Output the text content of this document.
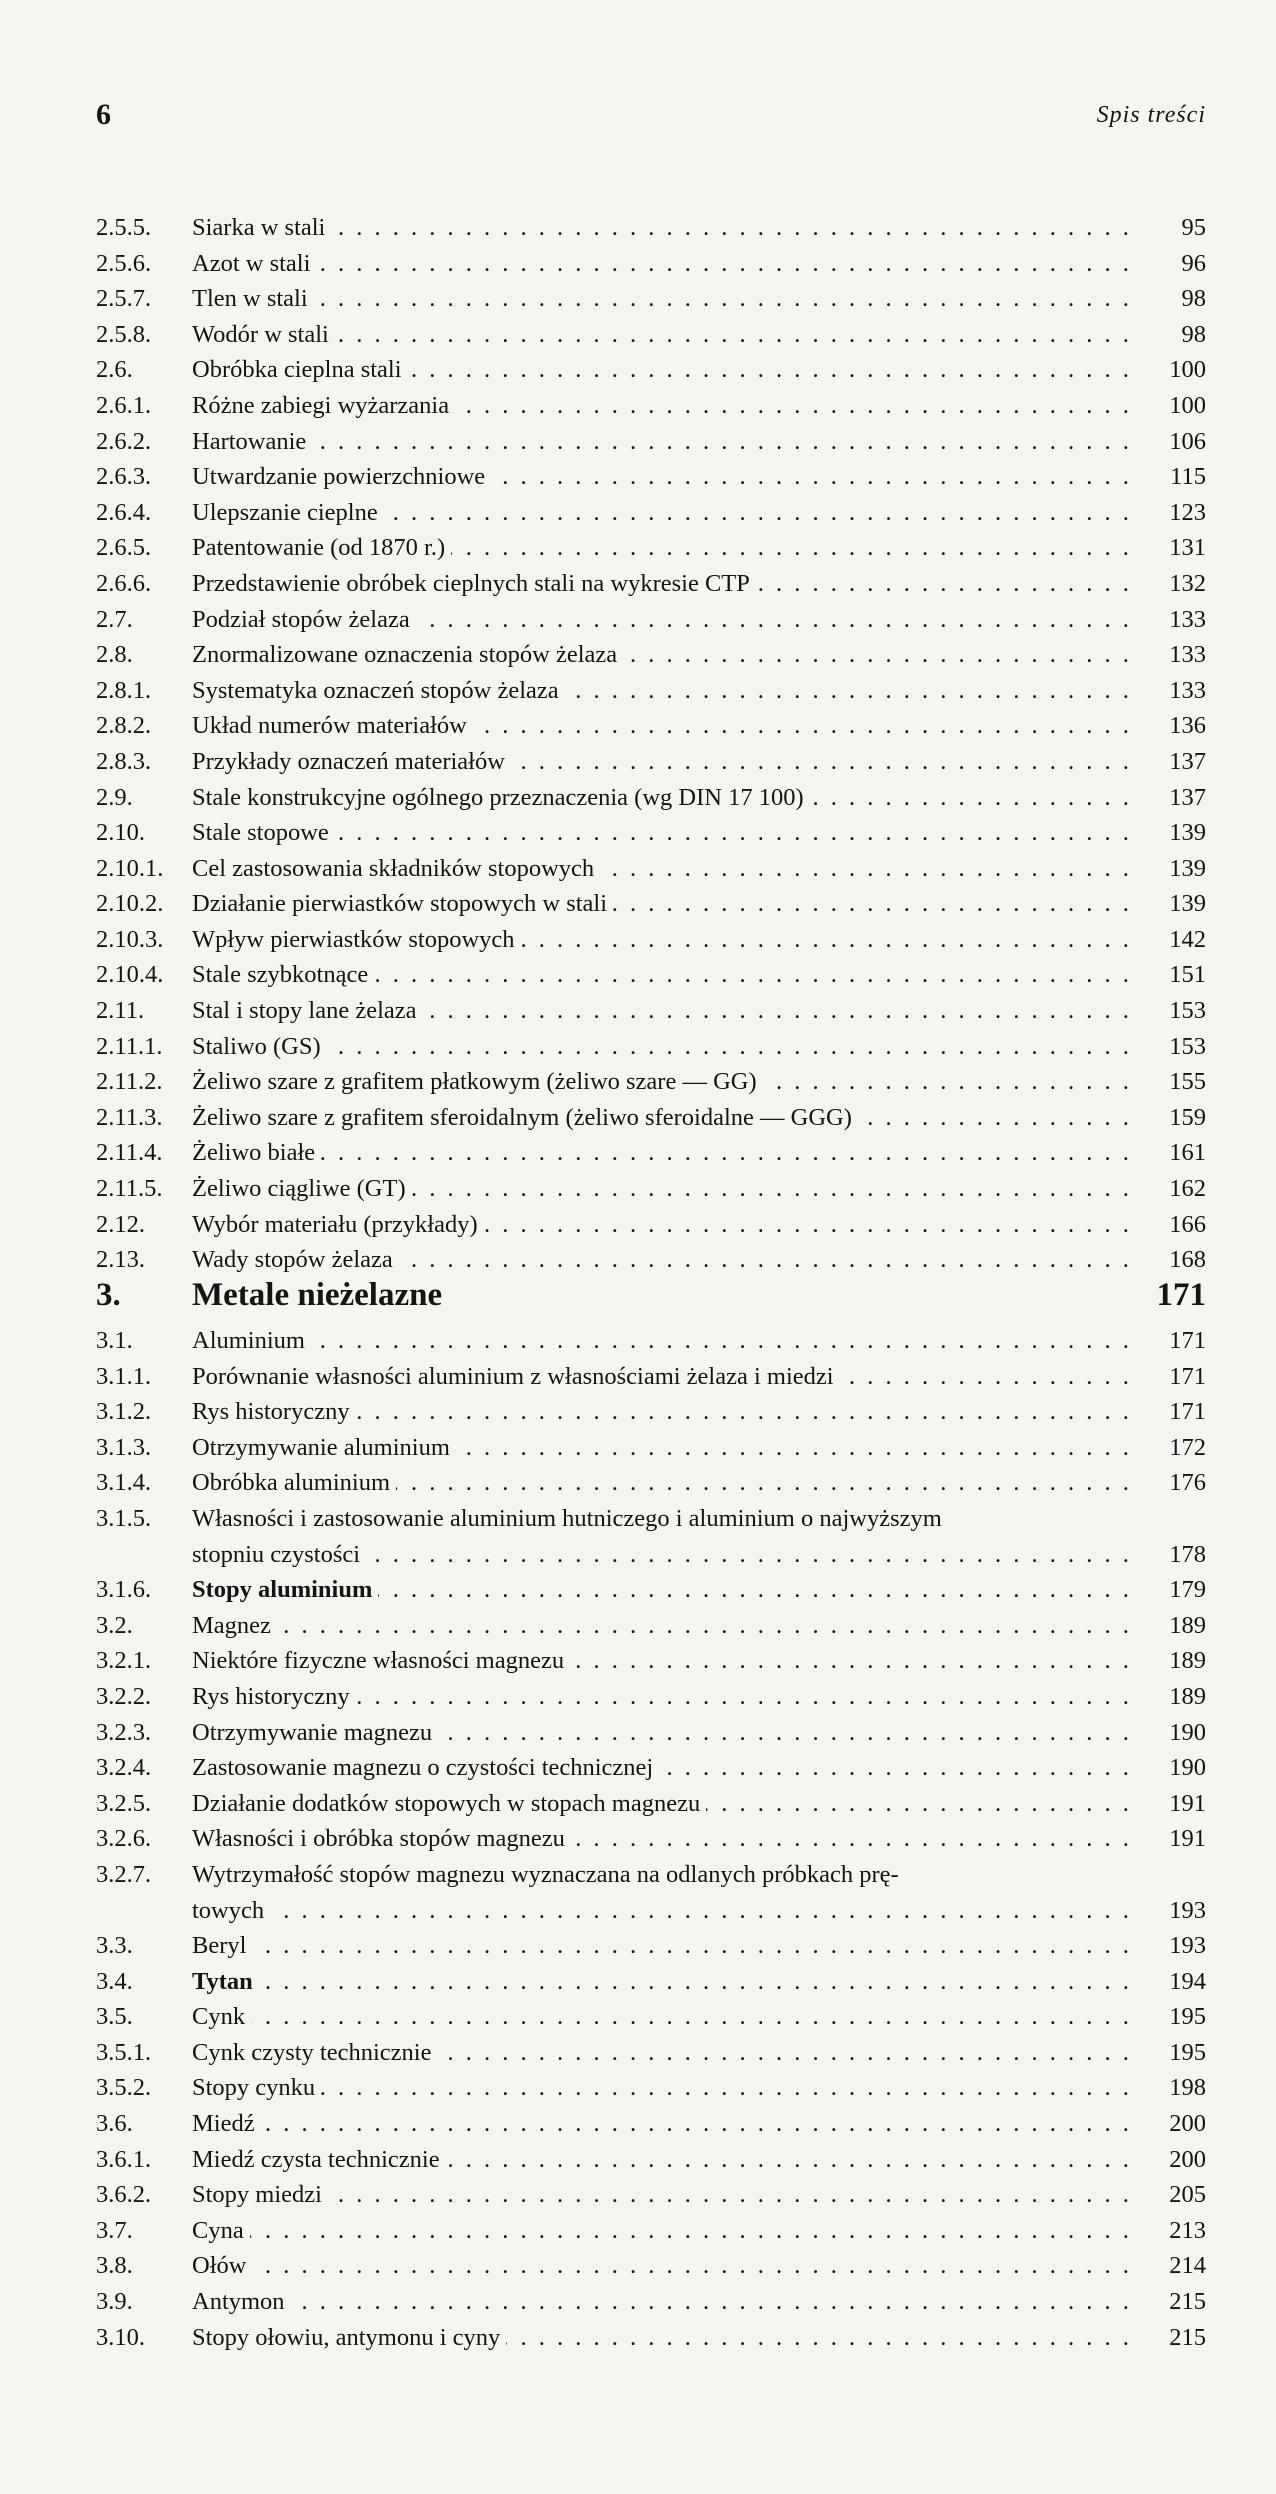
6	Spis treści
2.5.5.	Siarka w stali . . .	95
2.5.6.	Azot w stali . . .	96
2.5.7.	Tlen w stali . . .	98
2.5.8.	Wodór w stali . . .	98
2.6.	Obróbka cieplna stali . . .	100
2.6.1.	Różne zabiegi wyżarzania . . .	100
2.6.2.	Hartowanie . . .	106
2.6.3.	Utwardzanie powierzchniowe . . .	115
2.6.4.	Ulepszanie cieplne . . .	123
2.6.5.	Patentowanie (od 1870 r.) . . .	131
2.6.6.	Przedstawienie obróbek cieplnych stali na wykresie CTP . . .	132
2.7.	Podział stopów żelaza . . .	133
2.8.	Znormalizowane oznaczenia stopów żelaza . . .	133
2.8.1.	Systematyka oznaczeń stopów żelaza . . .	133
2.8.2.	Układ numerów materiałów . . .	136
2.8.3.	Przykłady oznaczeń materiałów . . .	137
2.9.	Stale konstrukcyjne ogólnego przeznaczenia (wg DIN 17 100) . . .	137
2.10.	Stale stopowe . . .	139
2.10.1.	Cel zastosowania składników stopowych . . .	139
2.10.2.	Działanie pierwiastków stopowych w stali . . .	139
2.10.3.	Wpływ pierwiastków stopowych . . .	142
2.10.4.	Stale szybkotnące . . .	151
2.11.	Stal i stopy lane żelaza . . .	153
2.11.1.	Staliwo (GS) . . .	153
2.11.2.	Żeliwo szare z grafitem płatkowym (żeliwo szare — GG) . . .	155
2.11.3.	Żeliwo szare z grafitem sferoidalnym (żeliwo sferoidalne — GGG) . . .	159
2.11.4.	Żeliwo białe . . .	161
2.11.5.	Żeliwo ciągliwe (GT) . . .	162
2.12.	Wybór materiału (przykłady) . . .	166
2.13.	Wady stopów żelaza . . .	168
3. Metale nieżelazne	171
3.1.	Aluminium . . .	171
3.1.1.	Porównanie własności aluminium z własnościami żelaza i miedzi . . .	171
3.1.2.	Rys historyczny . . .	171
3.1.3.	Otrzymywanie aluminium . . .	172
3.1.4.	Obróbka aluminium . . .	176
3.1.5.	Własności i zastosowanie aluminium hutniczego i aluminium o najwyższym
stopniu czystości . . .	178
3.1.6.	Stopy aluminium . . .	179
3.2.	Magnez . . .	189
3.2.1.	Niektóre fizyczne własności magnezu . . .	189
3.2.2.	Rys historyczny . . .	189
3.2.3.	Otrzymywanie magnezu . . .	190
3.2.4.	Zastosowanie magnezu o czystości technicznej . . .	190
3.2.5.	Działanie dodatków stopowych w stopach magnezu . . .	191
3.2.6.	Własności i obróbka stopów magnezu . . .	191
3.2.7.	Wytrzymałość stopów magnezu wyznaczana na odlanych próbkach prę-
towych . . .	193
3.3.	Beryl . . .	193
3.4.	Tytan . . .	194
3.5.	Cynk . . .	195
3.5.1.	Cynk czysty technicznie . . .	195
3.5.2.	Stopy cynku . . .	198
3.6.	Miedź . . .	200
3.6.1.	Miedź czysta technicznie . . .	200
3.6.2.	Stopy miedzi . . .	205
3.7.	Cyna . . .	213
3.8.	Ołów . . .	214
3.9.	Antymon . . .	215
3.10.	Stopy ołowiu, antymonu i cyny . . .	215
